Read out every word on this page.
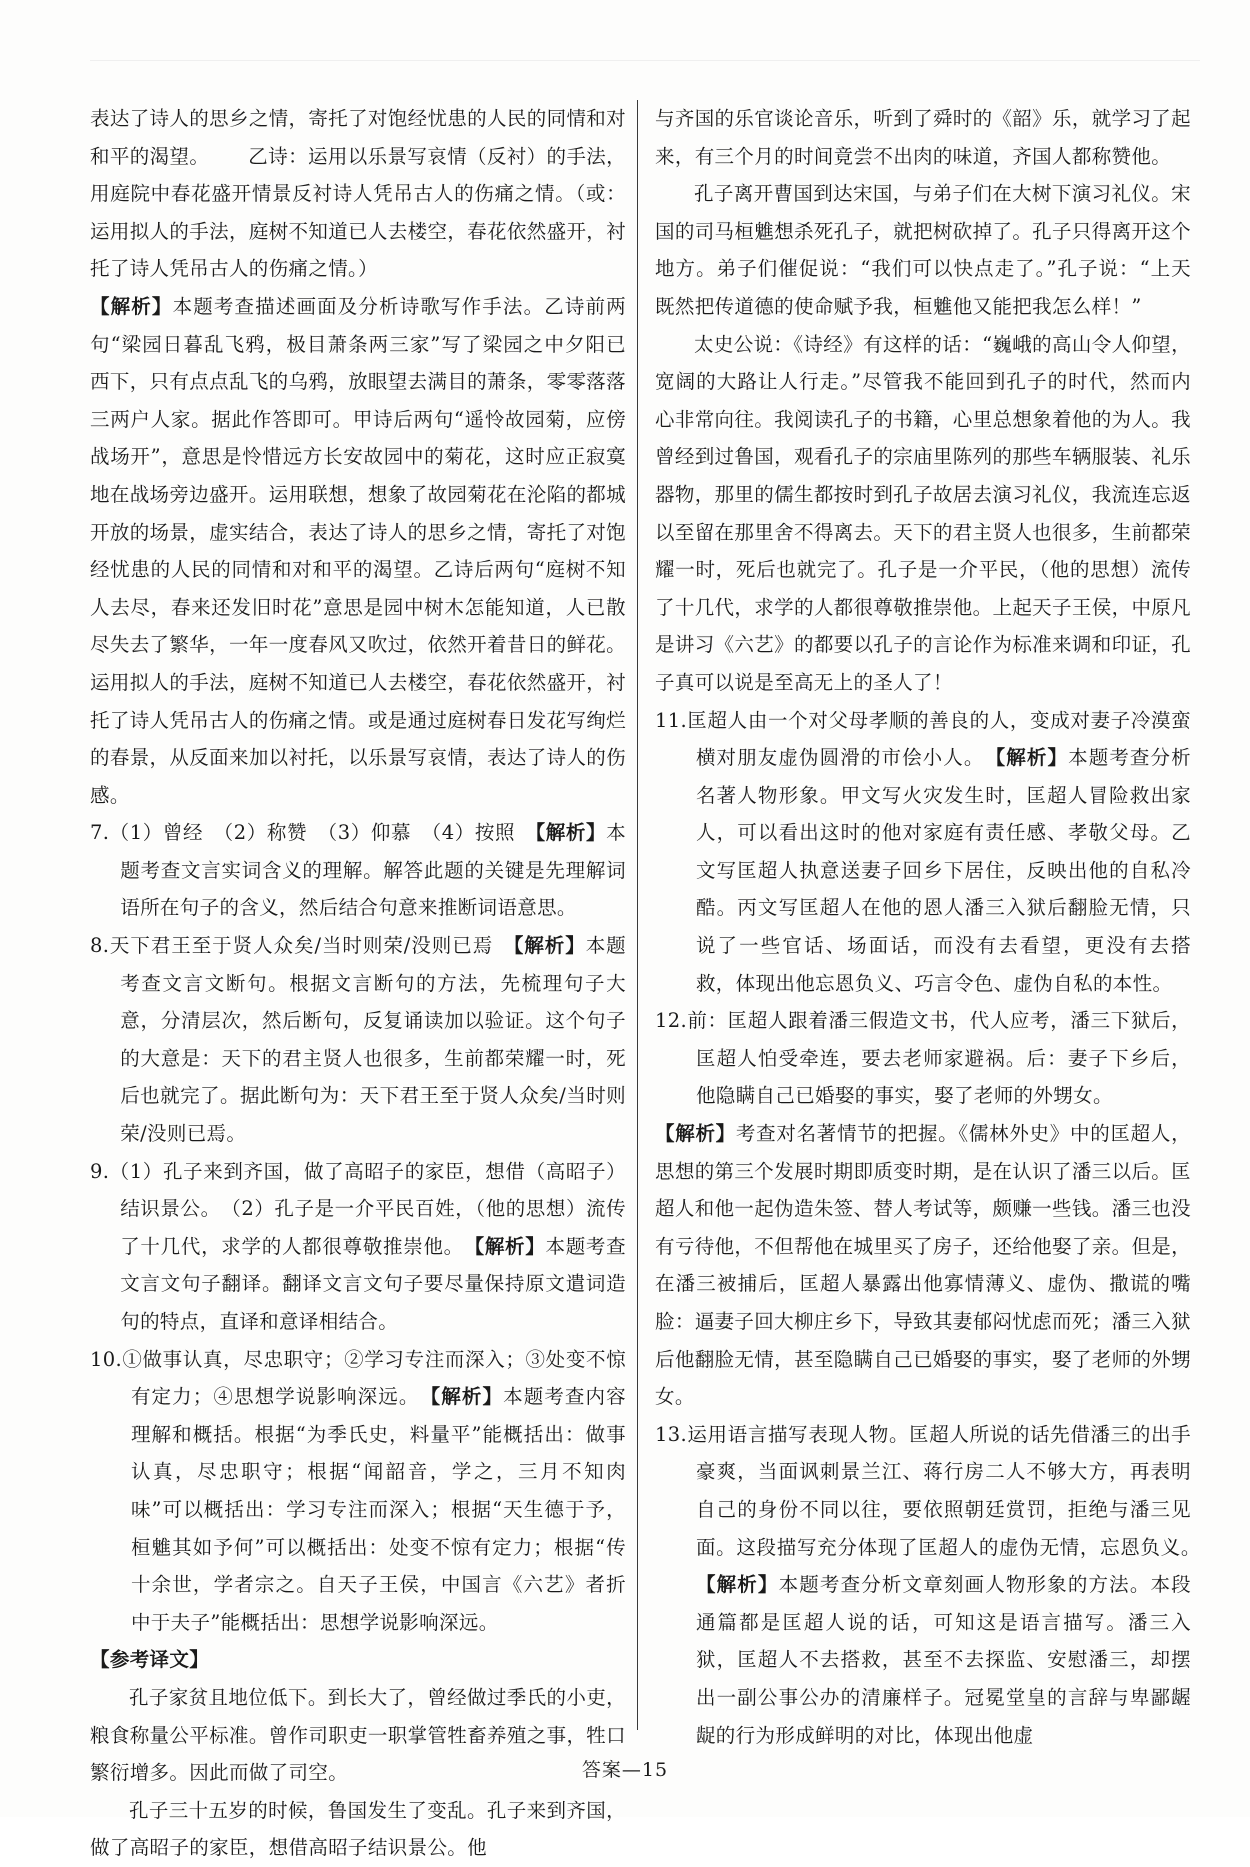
表达了诗人的思乡之情，寄托了对饱经忧患的人民的同情和对和平的渴望。 乙诗：运用以乐景写哀情（反衬）的手法，用庭院中春花盛开情景反衬诗人凭吊古人的伤痛之情。（或：运用拟人的手法，庭树不知道已人去楼空，春花依然盛开，衬托了诗人凭吊古人的伤痛之情。）

【解析】本题考查描述画面及分析诗歌写作手法。乙诗前两句“梁园日暮乱飞鸦，极目萧条两三家”写了梁园之中夕阳已西下，只有点点乱飞的乌鸦，放眼望去满目的萧条，零零落落三两户人家。据此作答即可。甲诗后两句“遥怜故园菊，应傍战场开”，意思是怜惜远方长安故园中的菊花，这时应正寂寞地在战场旁边盛开。运用联想，想象了故园菊花在沦陷的都城开放的场景，虚实结合，表达了诗人的思乡之情，寄托了对饱经忧患的人民的同情和对和平的渴望。乙诗后两句“庭树不知人去尽，春来还发旧时花”意思是园中树木怎能知道，人已散尽失去了繁华，一年一度春风又吹过，依然开着昔日的鲜花。运用拟人的手法，庭树不知道已人去楼空，春花依然盛开，衬托了诗人凭吊古人的伤痛之情。或是通过庭树春日发花写绚烂的春景，从反面来加以衬托，以乐景写哀情，表达了诗人的伤感。

7.（1）曾经　（2）称赞　（3）仰慕　（4）按照　 【解析】本题考查文言实词含义的理解。解答此题的关键是先理解词语所在句子的含义，然后结合句意来推断词语意思。

8.天下君王至于贤人众矣/当时则荣/没则已焉　 【解析】本题考查文言文断句。根据文言断句的方法，先梳理句子大意，分清层次，然后断句，反复诵读加以验证。这个句子的大意是：天下的君主贤人也很多，生前都荣耀一时，死后也就完了。据此断句为：天下君王至于贤人众矣/当时则荣/没则已焉。

9.（1）孔子来到齐国，做了高昭子的家臣，想借（高昭子）结识景公。　（2）孔子是一介平民百姓，（他的思想）流传了十几代，求学的人都很尊敬推崇他。　 【解析】本题考查文言文句子翻译。翻译文言文句子要尽量保持原文遣词造句的特点，直译和意译相结合。

10.①做事认真，尽忠职守；②学习专注而深入；③处变不惊有定力；④思想学说影响深远。　 【解析】本题考查内容理解和概括。根据“为季氏史，料量平”能概括出：做事认真，尽忠职守；根据“闻韶音，学之，三月不知肉味”可以概括出：学习专注而深入；根据“天生德于予，桓魋其如予何”可以概括出：处变不惊有定力；根据“传十余世，学者宗之。自天子王侯，中国言《六艺》者折中于夫子”能概括出：思想学说影响深远。

【参考译文】

孔子家贫且地位低下。到长大了，曾经做过季氏的小吏，粮食称量公平标准。曾作司职吏一职掌管牲畜养殖之事，牲口繁衍增多。因此而做了司空。

孔子三十五岁的时候，鲁国发生了变乱。孔子来到齐国，做了高昭子的家臣，想借高昭子结识景公。他

与齐国的乐官谈论音乐，听到了舜时的《韶》乐，就学习了起来，有三个月的时间竟尝不出肉的味道，齐国人都称赞他。

孔子离开曹国到达宋国，与弟子们在大树下演习礼仪。宋国的司马桓魋想杀死孔子，就把树砍掉了。孔子只得离开这个地方。弟子们催促说：“我们可以快点走了。”孔子说：“上天既然把传道德的使命赋予我，桓魋他又能把我怎么样！”

太史公说：《诗经》有这样的话：“巍峨的高山令人仰望，宽阔的大路让人行走。”尽管我不能回到孔子的时代，然而内心非常向往。我阅读孔子的书籍，心里总想象着他的为人。我曾经到过鲁国，观看孔子的宗庙里陈列的那些车辆服装、礼乐器物，那里的儒生都按时到孔子故居去演习礼仪，我流连忘返以至留在那里舍不得离去。天下的君主贤人也很多，生前都荣耀一时，死后也就完了。孔子是一介平民，（他的思想）流传了十几代，求学的人都很尊敬推崇他。上起天子王侯，中原凡是讲习《六艺》的都要以孔子的言论作为标准来调和印证，孔子真可以说是至高无上的圣人了！

11.匡超人由一个对父母孝顺的善良的人，变成对妻子冷漠蛮横对朋友虚伪圆滑的市侩小人。　 【解析】本题考查分析名著人物形象。甲文写火灾发生时，匡超人冒险救出家人，可以看出这时的他对家庭有责任感、孝敬父母。乙文写匡超人执意送妻子回乡下居住，反映出他的自私冷酷。丙文写匡超人在他的恩人潘三入狱后翻脸无情，只说了一些官话、场面话，而没有去看望，更没有去搭救，体现出他忘恩负义、巧言令色、虚伪自私的本性。

12.前：匡超人跟着潘三假造文书，代人应考，潘三下狱后，匡超人怕受牵连，要去老师家避祸。后：妻子下乡后，他隐瞒自己已婚娶的事实，娶了老师的外甥女。

【解析】考查对名著情节的把握。《儒林外史》中的匡超人，思想的第三个发展时期即质变时期，是在认识了潘三以后。匡超人和他一起伪造朱签、替人考试等，颇赚一些钱。潘三也没有亏待他，不但帮他在城里买了房子，还给他娶了亲。但是，在潘三被捕后，匡超人暴露出他寡情薄义、虚伪、撒谎的嘴脸：逼妻子回大柳庄乡下，导致其妻郁闷忧虑而死；潘三入狱后他翻脸无情，甚至隐瞒自己已婚娶的事实，娶了老师的外甥女。

13.运用语言描写表现人物。匡超人所说的话先借潘三的出手豪爽，当面讽刺景兰江、蒋行房二人不够大方，再表明自己的身份不同以往，要依照朝廷赏罚，拒绝与潘三见面。这段描写充分体现了匡超人的虚伪无情，忘恩负义。　【解析】本题考查分析文章刻画人物形象的方法。本段通篇都是匡超人说的话，可知这是语言描写。潘三入狱，匡超人不去搭救，甚至不去探监、安慰潘三，却摆出一副公事公办的清廉样子。冠冕堂皇的言辞与卑鄙龌龊的行为形成鲜明的对比，体现出他虚

答案—15
